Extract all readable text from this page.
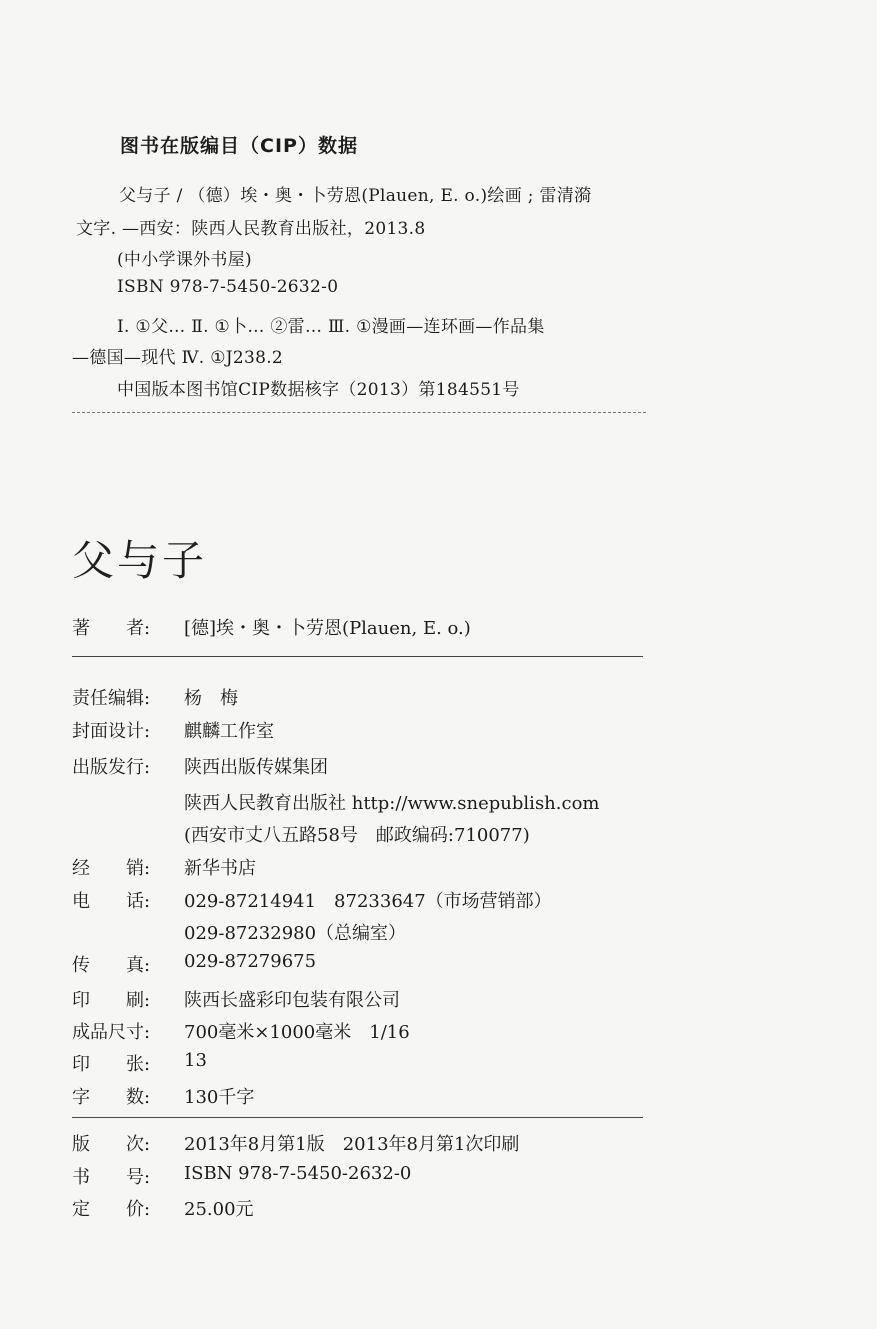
图书在版编目（CIP）数据
父与子 / （德）埃・奥・卜劳恩(Plauen, E. o.)绘画 ; 雷清漪
文字. —西安：陕西人民教育出版社，2013.8
(中小学课外书屋)
ISBN 978-7-5450-2632-0
Ⅰ. ①父… Ⅱ. ①卜… ②雷… Ⅲ. ①漫画—连环画—作品集
—德国—现代 Ⅳ. ①J238.2
中国版本图书馆CIP数据核字（2013）第184551号
父与子
著　　者: [德]埃・奥・卜劳恩(Plauen, E. o.)
责任编辑: 杨　梅
封面设计: 麒麟工作室
出版发行: 陕西出版传媒集团
陕西人民教育出版社 http://www.snepublish.com
(西安市丈八五路58号　邮政编码:710077)
经　　销: 新华书店
电　　话: 029-87214941　87233647（市场营销部）
029-87232980（总编室）
传　　真: 029-87279675
印　　刷: 陕西长盛彩印包装有限公司
成品尺寸: 700毫米×1000毫米　1/16
印　　张: 13
字　　数: 130千字
版　　次: 2013年8月第1版　2013年8月第1次印刷
书　　号: ISBN 978-7-5450-2632-0
定　　价: 25.00元
